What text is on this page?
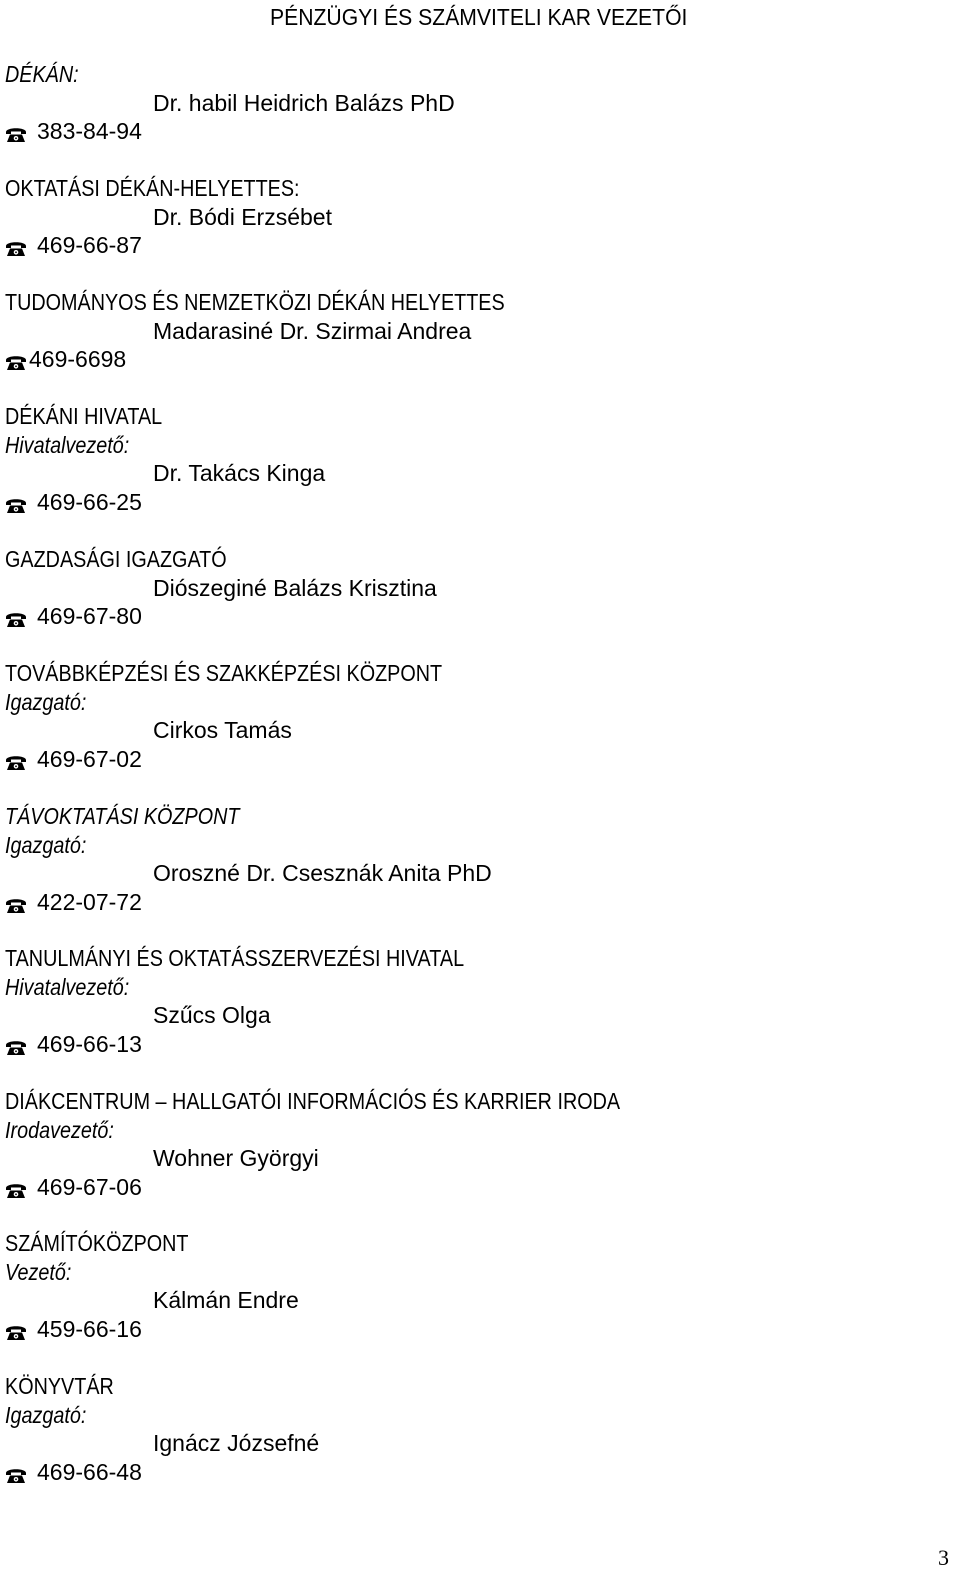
PÉNZÜGYI ÉS SZÁMVITELI KAR VEZETŐI
DÉKÁN:
Dr. habil Heidrich Balázs PhD
383-84-94
OKTATÁSI DÉKÁN-HELYETTES:
Dr. Bódi Erzsébet
469-66-87
TUDOMÁNYOS ÉS NEMZETKÖZI DÉKÁN HELYETTES
Madarasiné Dr. Szirmai Andrea
469-6698
DÉKÁNI HIVATAL
Hivatalvezető:
Dr. Takács Kinga
469-66-25
GAZDASÁGI IGAZGATÓ
Diószeginé Balázs Krisztina
469-67-80
TOVÁBBKÉPZÉSI ÉS SZAKKÉPZÉSI KÖZPONT
Igazgató:
Cirkos Tamás
469-67-02
TÁVOKTATÁSI KÖZPONT
Igazgató:
Oroszné Dr. Csesznák Anita PhD
422-07-72
TANULMÁNYI ÉS OKTATÁSSZERVEZÉSI HIVATAL
Hivatalvezető:
Szűcs Olga
469-66-13
DIÁKCENTRUM – HALLGATÓI INFORMÁCIÓS ÉS KARRIER IRODA
Irodavezető:
Wohner Györgyi
469-67-06
SZÁMÍTÓKÖZPONT
Vezető:
Kálmán Endre
459-66-16
KÖNYVTÁR
Igazgató:
Ignácz Józsefné
469-66-48
3
